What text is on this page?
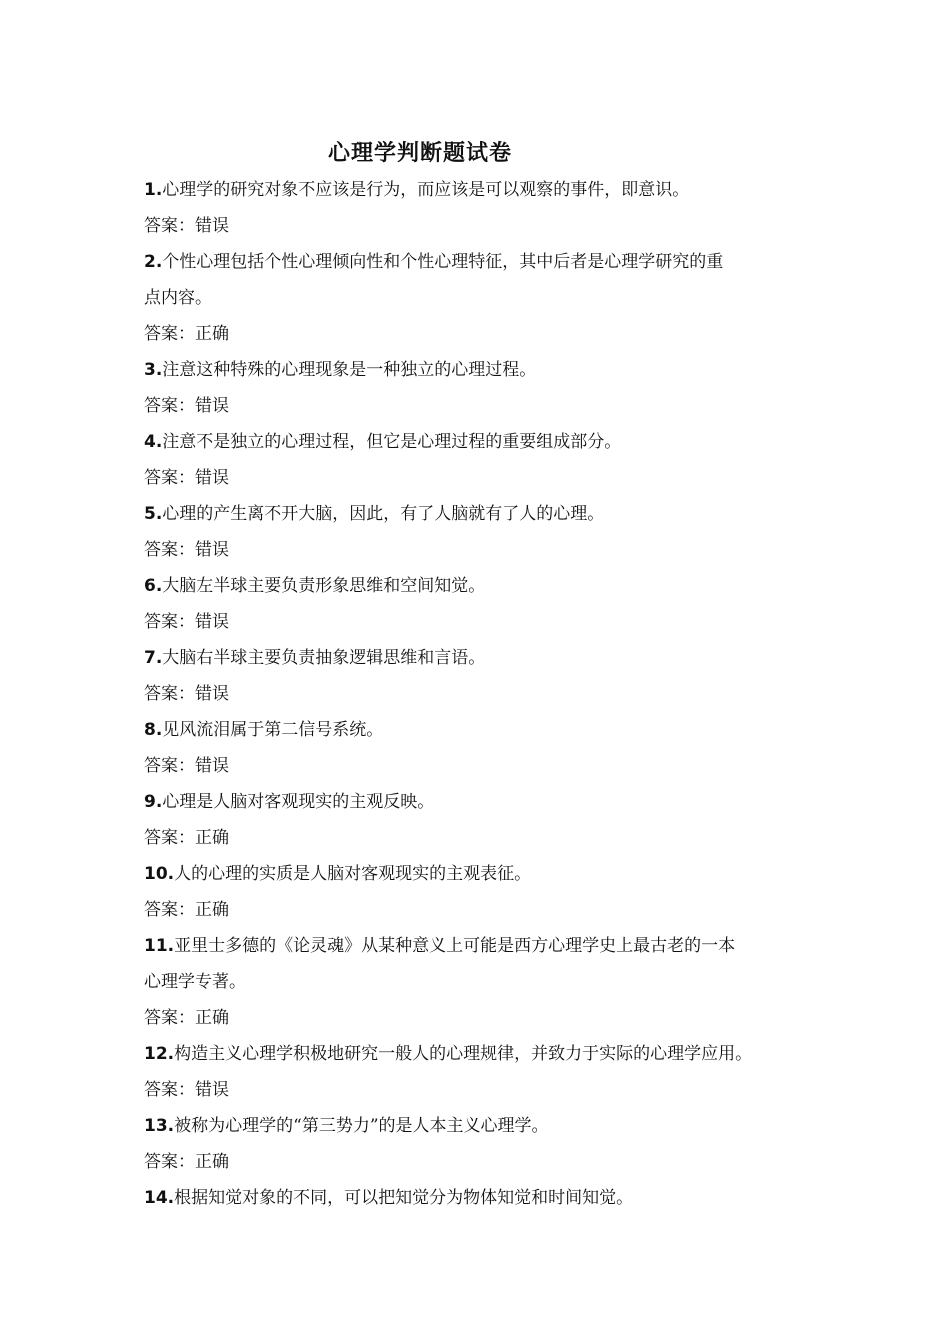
心理学判断题试卷
1.心理学的研究对象不应该是行为，而应该是可以观察的事件，即意识。
答案：错误
2.个性心理包括个性心理倾向性和个性心理特征，其中后者是心理学研究的重
点内容。
答案：正确
3.注意这种特殊的心理现象是一种独立的心理过程。
答案：错误
4.注意不是独立的心理过程，但它是心理过程的重要组成部分。
答案：错误
5.心理的产生离不开大脑，因此，有了人脑就有了人的心理。
答案：错误
6.大脑左半球主要负责形象思维和空间知觉。
答案：错误
7.大脑右半球主要负责抽象逻辑思维和言语。
答案：错误
8.见风流泪属于第二信号系统。
答案：错误
9.心理是人脑对客观现实的主观反映。
答案：正确
10.人的心理的实质是人脑对客观现实的主观表征。
答案：正确
11.亚里士多德的《论灵魂》从某种意义上可能是西方心理学史上最古老的一本
心理学专著。
答案：正确
12.构造主义心理学积极地研究一般人的心理规律，并致力于实际的心理学应用。
答案：错误
13.被称为心理学的“第三势力”的是人本主义心理学。
答案：正确
14.根据知觉对象的不同，可以把知觉分为物体知觉和时间知觉。
